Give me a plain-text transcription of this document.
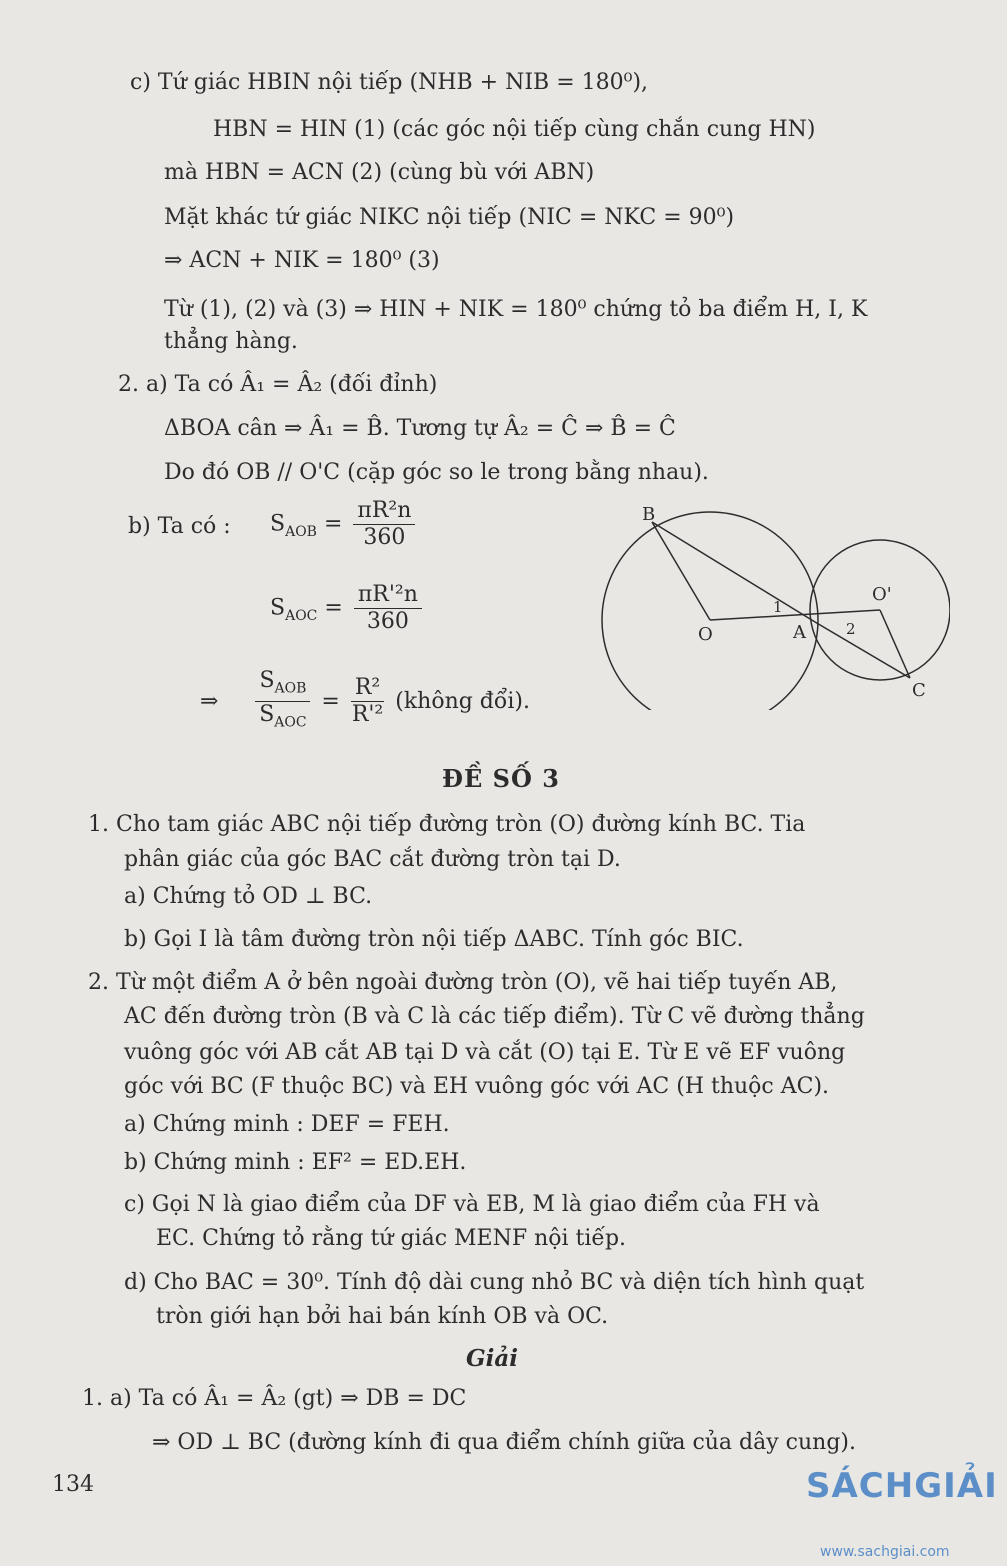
c) Tứ giác HBIN nội tiếp (NHB + NIB = 180⁰),
HBN = HIN (1) (các góc nội tiếp cùng chắn cung HN)
mà HBN = ACN (2) (cùng bù với ABN)
Mặt khác tứ giác NIKC nội tiếp (NIC = NKC = 90⁰)
⇒ ACN + NIK = 180⁰ (3)
Từ (1), (2) và (3) ⇒ HIN + NIK = 180⁰ chứng tỏ ba điểm H, I, K
thẳng hàng.
2. a) Ta có Â₁ = Â₂ (đối đỉnh)
ΔBOA cân ⇒ Â₁ = B̂. Tương tự Â₂ = Ĉ ⇒ B̂ = Ĉ
Do đó OB // O'C (cặp góc so le trong bằng nhau).
b) Ta có : $S_{AOB} = \frac{\text{πR²n}}{360}$
$S_{AOC} = \frac{\text{πR'²n}}{360}$
⇒ $\frac{S_{AOB}}{S_{AOC}} = \frac{\text{R²}}{\text{R'²}}$ (không đổi).
B
C
O	A
O'
1
2
ĐỀ SỐ 3
1. Cho tam giác ABC nội tiếp đường tròn (O) đường kính BC. Tia
phân giác của góc BAC cắt đường tròn tại D.
a) Chứng tỏ OD ⊥ BC.
b) Gọi I là tâm đường tròn nội tiếp ΔABC. Tính góc BIC.
2. Từ một điểm A ở bên ngoài đường tròn (O), vẽ hai tiếp tuyến AB,
AC đến đường tròn (B và C là các tiếp điểm). Từ C vẽ đường thẳng
vuông góc với AB cắt AB tại D và cắt (O) tại E. Từ E vẽ EF vuông
góc với BC (F thuộc BC) và EH vuông góc với AC (H thuộc AC).
a) Chứng minh : DEF = FEH.
b) Chứng minh : EF² = ED.EH.
c) Gọi N là giao điểm của DF và EB, M là giao điểm của FH và
EC. Chứng tỏ rằng tứ giác MENF nội tiếp.
d) Cho BAC = 30⁰. Tính độ dài cung nhỏ BC và diện tích hình quạt
tròn giới hạn bởi hai bán kính OB và OC.
Giải
1. a) Ta có Â₁ = Â₂ (gt) ⇒ DB = DC
⇒ OD ⊥ BC (đường kính đi qua điểm chính giữa của dây cung).
134	SÁCHGIẢI
www.sachgiai.com
